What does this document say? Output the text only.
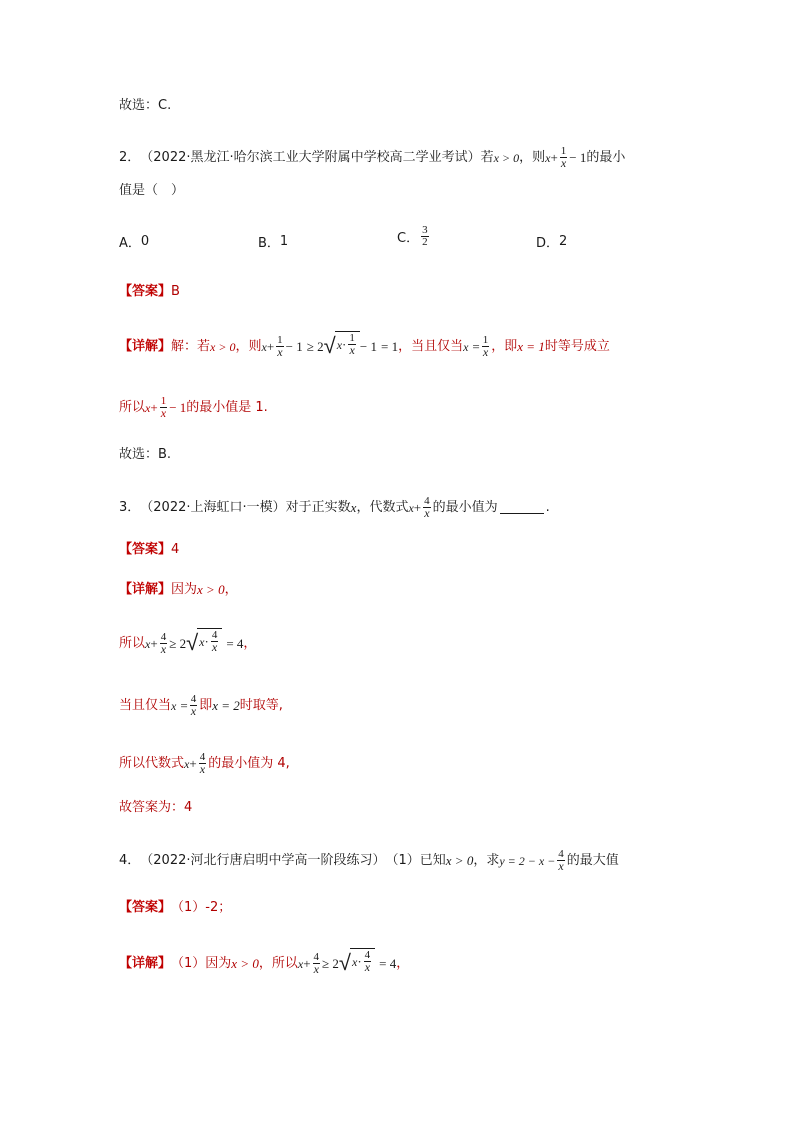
故选：C.
2． （2022·黑龙江·哈尔滨工业大学附属中学校高二学业考试） 若 x > 0 ，则 $x + \frac{1}{x} - 1$ 的最小
值是（　）
A． 0	B． 1	C． $\frac{3}{2}$	D． 2
【答案】 B
【详解】 解：若 x > 0 ，则 $x + \frac{1}{x} - 1 \ge 2$ √ $x \cdot \frac{1}{x} - 1 = 1$ ，当且仅当 $x = \frac{1}{x}$ ，即 x = 1 时等号成立
所以 $x + \frac{1}{x} - 1$ 的最小值是 1.
故选：B.
3． （2022·上海虹口·一模） 对于正实数 x ，代数式 $x + \frac{4}{x}$ 的最小值为	.
【答案】 4
【详解】 因为 x > 0 ，
所以 $x + \frac{4}{x} \ge 2$ √ $x \cdot \frac{4}{x} = 4$ ，
当且仅当 $x = \frac{4}{x}$ 即 x = 2 时取等,
所以代数式 $x + \frac{4}{x}$ 的最小值为 4,
故答案为：4
4． （2022·河北行唐启明中学高一阶段练习） （1）已知 x > 0 ，求 $y = 2 - x - \frac{4}{x}$ 的最大值
【答案】 （1）-2；
【详解】 （1）因为 x > 0 ，所以 $x + \frac{4}{x} \ge 2$ √ $x \cdot \frac{4}{x} = 4$ ，
